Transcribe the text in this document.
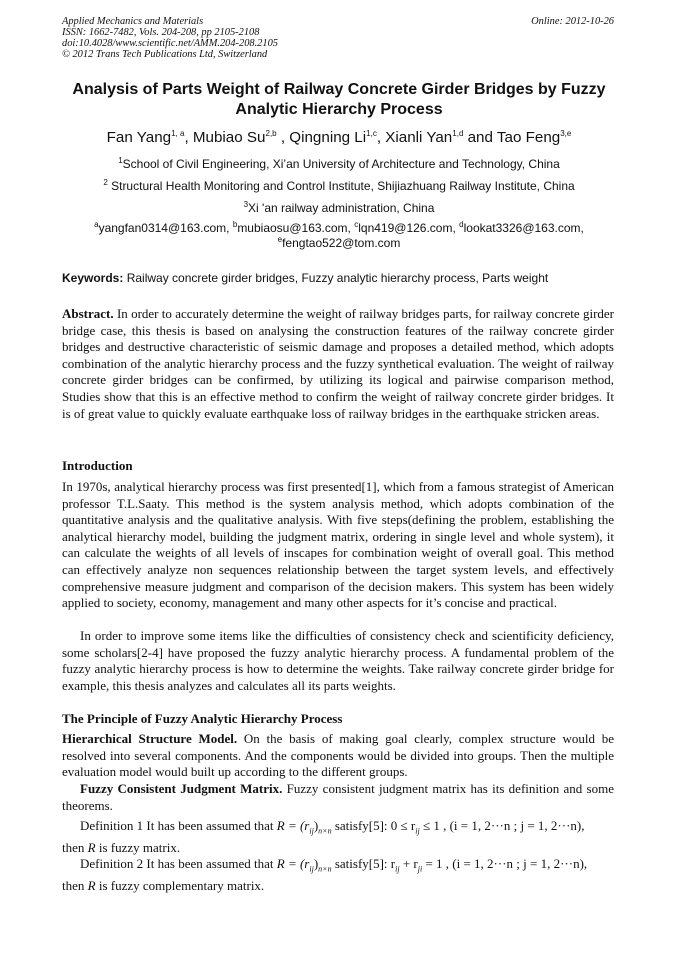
Applied Mechanics and Materials
ISSN: 1662-7482, Vols. 204-208, pp 2105-2108
doi:10.4028/www.scientific.net/AMM.204-208.2105
© 2012 Trans Tech Publications Ltd, Switzerland
Online: 2012-10-26
Analysis of Parts Weight of Railway Concrete Girder Bridges by Fuzzy Analytic Hierarchy Process
Fan Yang$^{1, a}$, Mubiao Su$^{2,b}$ , Qingning Li$^{1,c}$, Xianli Yan$^{1,d}$ and Tao Feng$^{3,e}$
$^1$School of Civil Engineering, Xi’an University of Architecture and Technology, China
$^2$ Structural Health Monitoring and Control Institute, Shijiazhuang Railway Institute, China
$^3$Xi 'an railway administration, China
$^a$yangfan0314@163.com, $^b$mubiaosu@163.com, $^c$lqn419@126.com, $^d$lookat3326@163.com,
$^e$fengtao522@tom.com
Keywords: Railway concrete girder bridges, Fuzzy analytic hierarchy process, Parts weight
Abstract. In order to accurately determine the weight of railway bridges parts, for railway concrete girder bridge case, this thesis is based on analysing the construction features of the railway concrete girder bridges and destructive characteristic of seismic damage and proposes a detailed method, which adopts combination of the analytic hierarchy process and the fuzzy synthetical evaluation. The weight of railway concrete girder bridges can be confirmed, by utilizing its logical and pairwise comparison method, Studies show that this is an effective method to confirm the weight of railway concrete girder bridges. It is of great value to quickly evaluate earthquake loss of railway bridges in the earthquake stricken areas.
Introduction
In 1970s, analytical hierarchy process was first presented[1], which from a famous strategist of American professor T.L.Saaty. This method is the system analysis method, which adopts combination of the quantitative analysis and the qualitative analysis. With five steps(defining the problem, establishing the analytical hierarchy model, building the judgment matrix, ordering in single level and whole system), it can calculate the weights of all levels of inscapes for combination weight of overall goal. This method can effectively analyze non sequences relationship between the target system levels, and effectively comprehensive measure judgment and comparison of the decision makers. This system has been widely applied to society, economy, management and many other aspects for it’s concise and practical.
In order to improve some items like the difficulties of consistency check and scientificity deficiency, some scholars[2-4] have proposed the fuzzy analytic hierarchy process. A fundamental problem of the fuzzy analytic hierarchy process is how to determine the weights. Take railway concrete girder bridge for example, this thesis analyzes and calculates all its parts weights.
The Principle of Fuzzy Analytic Hierarchy Process
Hierarchical Structure Model. On the basis of making goal clearly, complex structure would be resolved into several components. And the components would be divided into groups. Then the multiple evaluation model would built up according to the different groups.
Fuzzy Consistent Judgment Matrix. Fuzzy consistent judgment matrix has its definition and some theorems.
Definition 1 It has been assumed that $R = (r_{ij})_{n\times n}$ satisfy[5]: $0 \le r_{ij} \le 1$ , (i = 1, 2···n ; j = 1, 2···n),
then R is fuzzy matrix.
Definition 2 It has been assumed that $R = (r_{ij})_{n\times n}$ satisfy[5]: $r_{ij} + r_{ji} = 1$ , (i = 1, 2···n ; j = 1, 2···n),
then R is fuzzy complementary matrix.
